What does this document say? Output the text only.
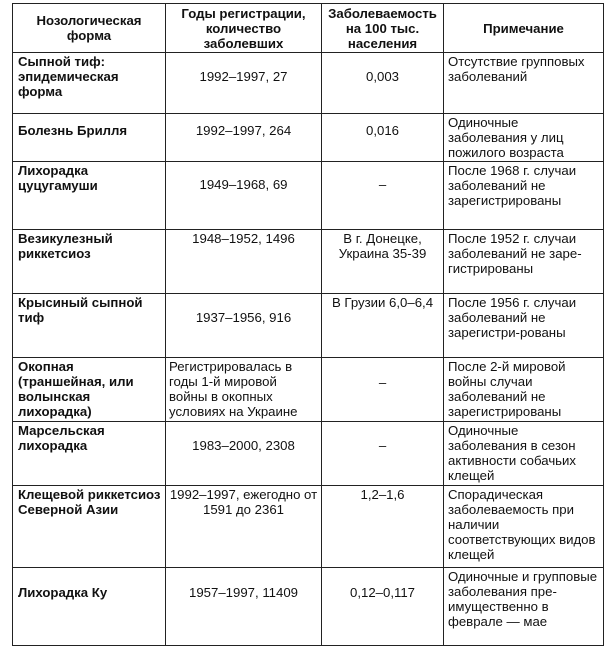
Нозологическая форма	Годы регистрации, количество заболевших	Заболеваемость на 100 тыс. населения	Примечание
Сыпной тиф: эпидемическая форма	1992–1997, 27	0,003	Отсутствие групповых заболеваний

Болезнь Брилля	1992–1997, 264	0,016	Одиночные заболевания у лиц пожилого возраста
Лихорадка цуцугамуши	1949–1968, 69	–	После 1968 г. случаи заболеваний не зарегистрированы
Везикулезный риккетсиоз	1948–1952, 1496	В г. Донецке, Украина 35-39	После 1952 г. случаи заболеваний не заре-гистрированы
Крысиный сыпной тиф	1937–1956, 916	В Грузии 6,0–6,4	После 1956 г. случаи заболеваний не зарегистри-рованы
Окопная (траншейная, или волынская лихорадка)	Регистрировалась в годы 1-й мировой войны в окопных условиях на Украине	–	После 2-й мировой войны случаи заболеваний не зарегистрированы
Марсельская лихорадка	1983–2000, 2308	–	Одиночные заболевания в сезон активности собачьих клещей
Клещевой риккетсиоз Северной Азии	1992–1997, ежегодно от 1591 до 2361	1,2–1,6	Спорадическая заболеваемость при наличии соответствующих видов клещей

Лихорадка Ку	1957–1997, 11409	0,12–0,117	Одиночные и групповые заболевания пре-имущественно в феврале — мае
